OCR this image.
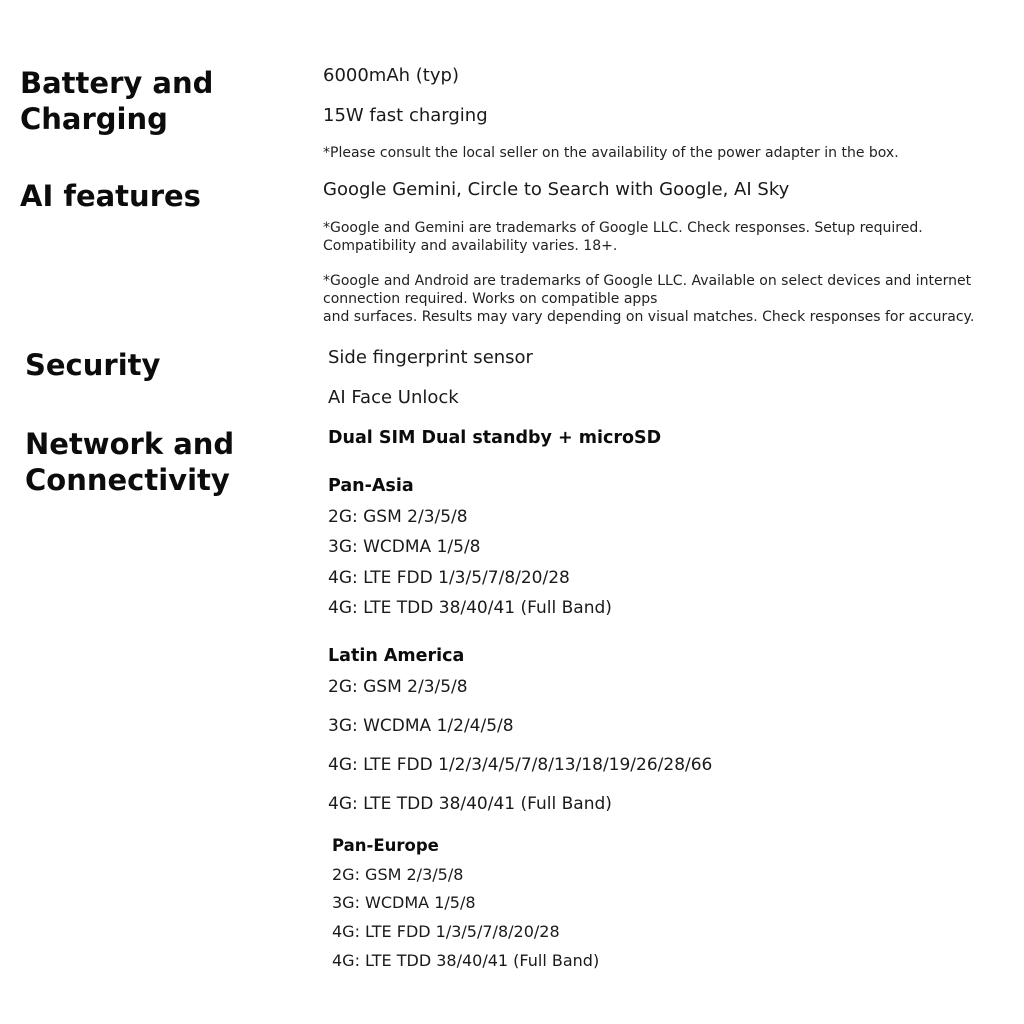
Battery and Charging
6000mAh (typ)
15W fast charging
*Please consult the local seller on the availability of the power adapter in the box.
AI features	Google Gemini, Circle to Search with Google, AI Sky
*Google and Gemini are trademarks of Google LLC. Check responses. Setup required. Compatibility and availability varies. 18+.
*Google and Android are trademarks of Google LLC. Available on select devices and internet
connection required. Works on compatible apps
and surfaces. Results may vary depending on visual matches. Check responses for accuracy.
Security	Side fingerprint sensor
AI Face Unlock
Network and Connectivity
Dual SIM Dual standby + microSD
Pan-Asia
2G: GSM 2/3/5/8
3G: WCDMA 1/5/8
4G: LTE FDD 1/3/5/7/8/20/28
4G: LTE TDD 38/40/41 (Full Band)
Latin America
2G: GSM 2/3/5/8
3G: WCDMA 1/2/4/5/8
4G: LTE FDD 1/2/3/4/5/7/8/13/18/19/26/28/66
4G: LTE TDD 38/40/41 (Full Band)
Pan-Europe
2G: GSM 2/3/5/8
3G: WCDMA 1/5/8
4G: LTE FDD 1/3/5/7/8/20/28
4G: LTE TDD 38/40/41 (Full Band)
